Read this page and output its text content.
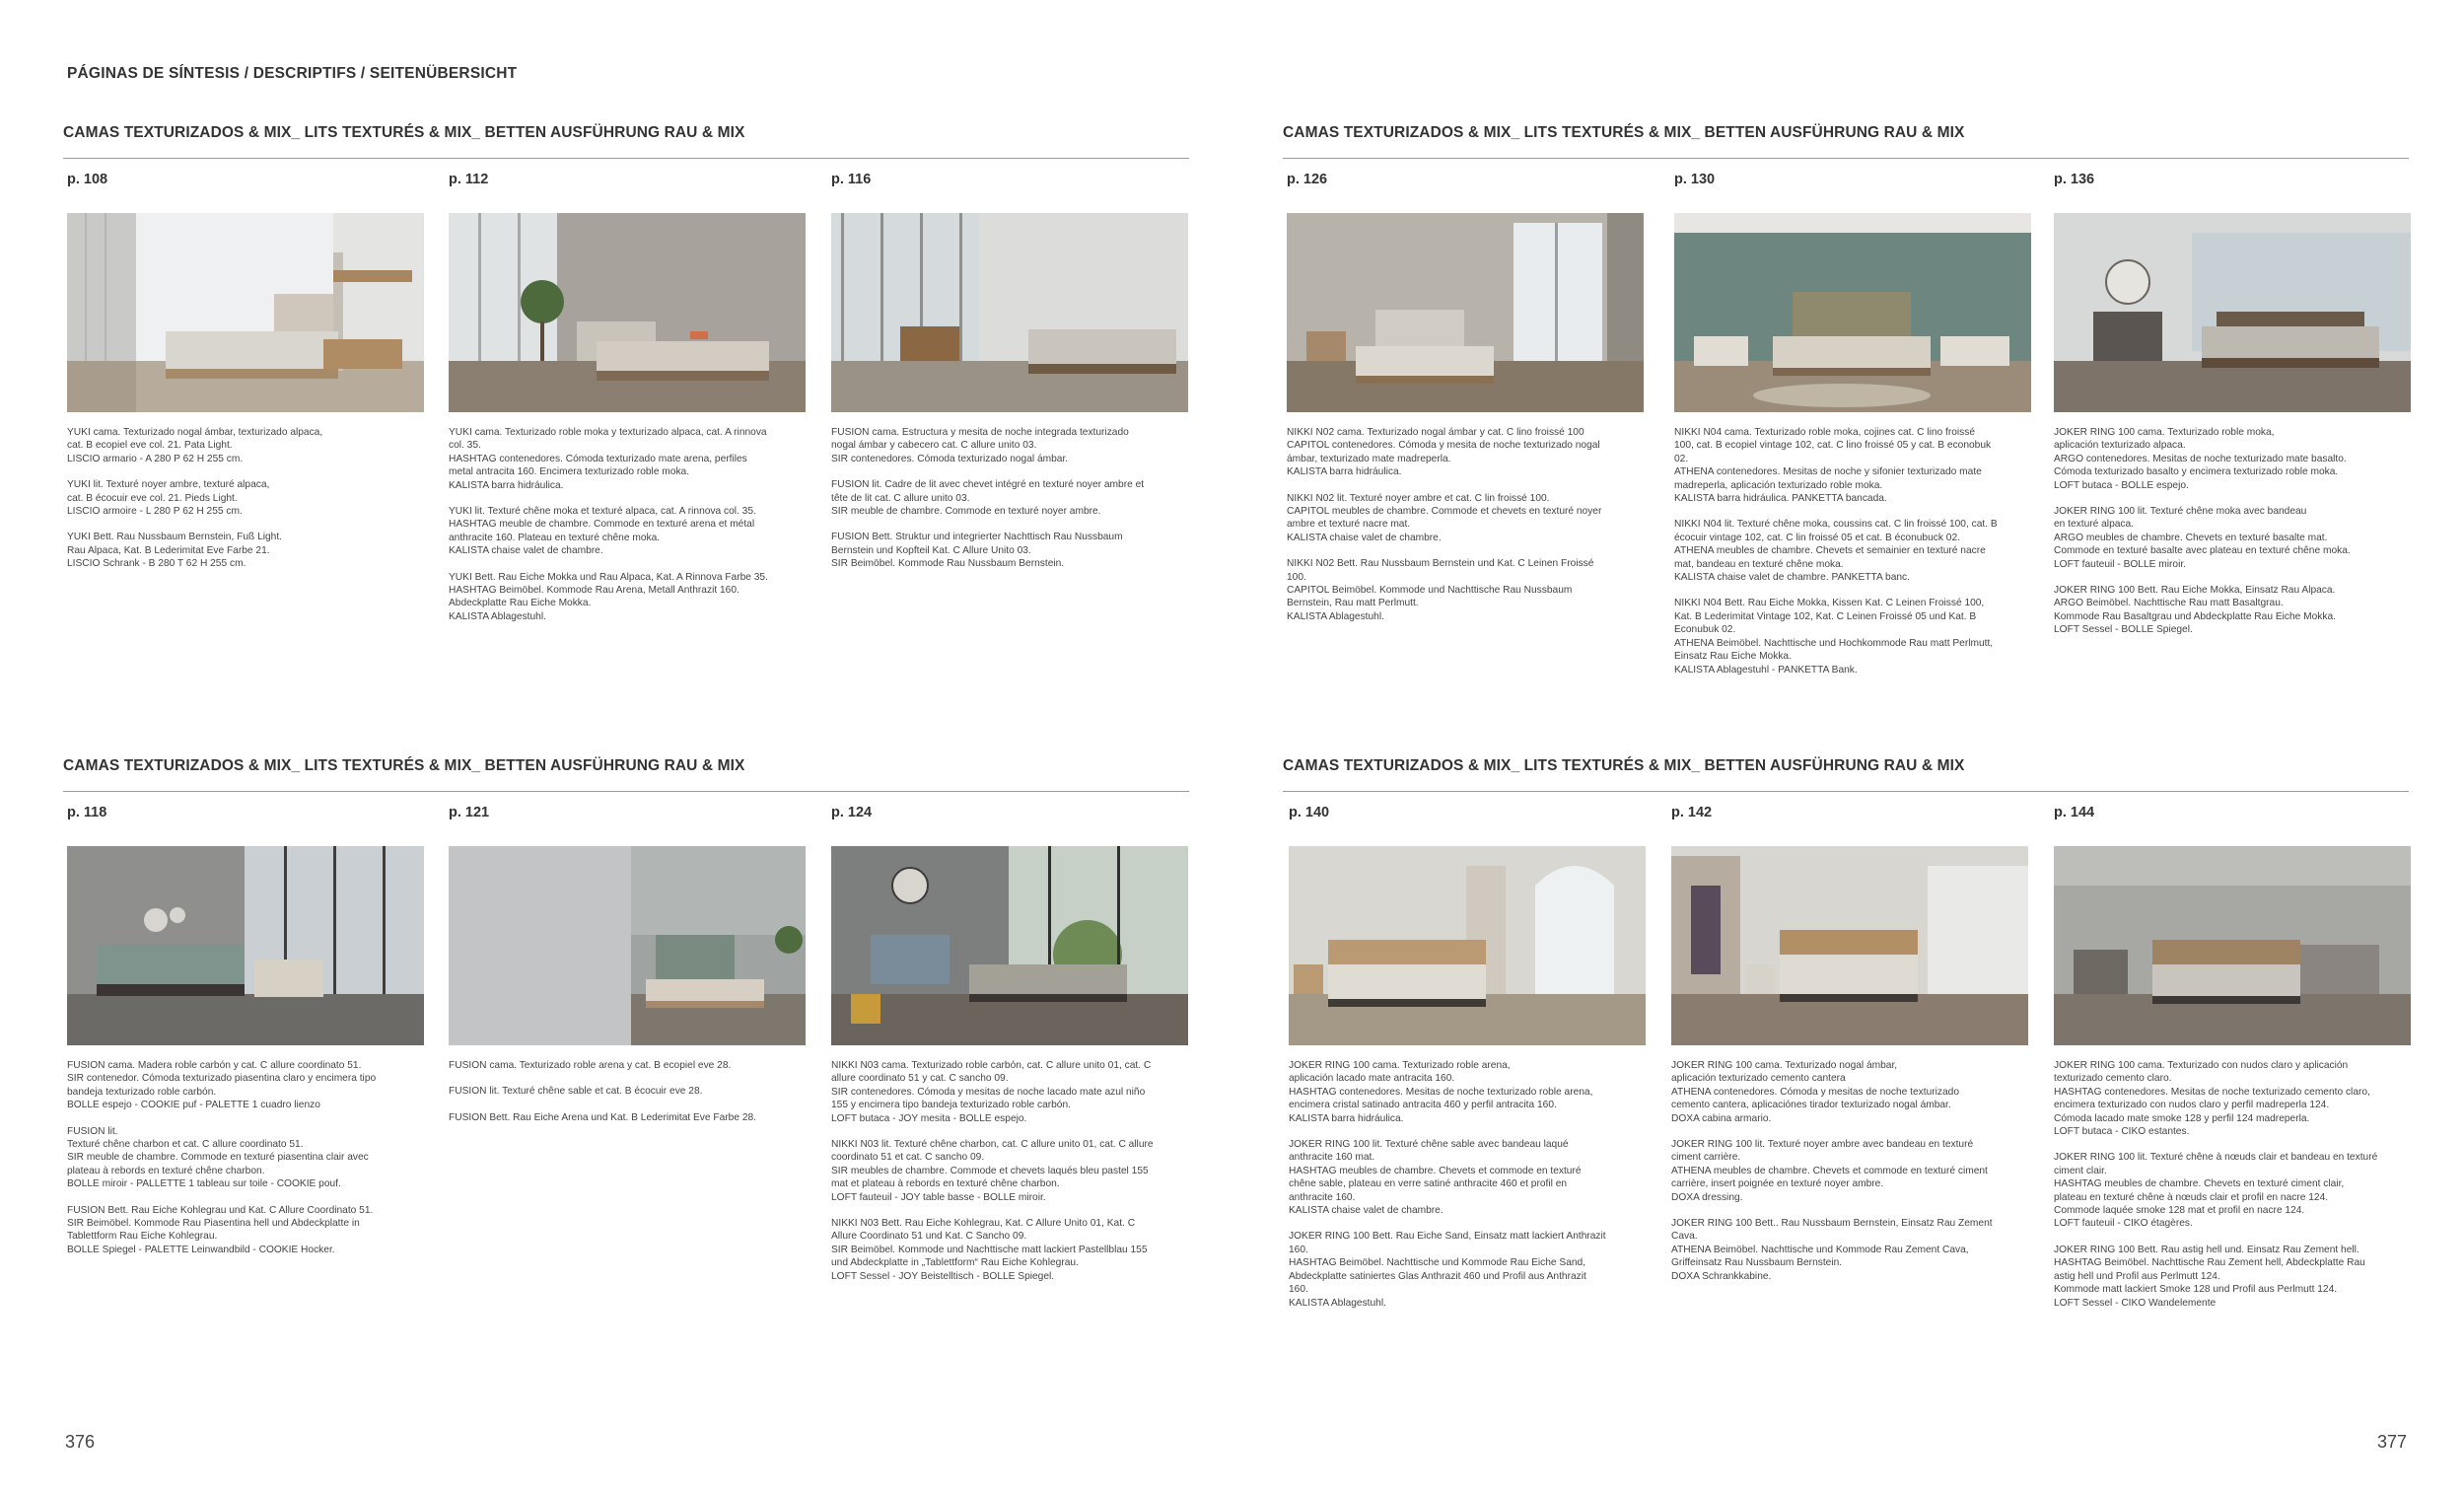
PÁGINAS DE SÍNTESIS / DESCRIPTIFS / SEITENÜBERSICHT
CAMAS TEXTURIZADOS & MIX_ LITS TEXTURÉS & MIX_ BETTEN AUSFÜHRUNG RAU & MIX
p. 108

YUKI cama. Texturizado nogal ámbar, texturizado alpaca,
cat. B ecopiel eve col. 21. Pata Light.
LISCIO armario - A 280 P 62 H 255 cm.

YUKI lit. Texturé noyer ambre, texturé alpaca,
cat. B écocuir eve col. 21. Pieds Light.
LISCIO armoire - L 280 P 62 H 255 cm.

YUKI Bett. Rau Nussbaum Bernstein, Fuß Light.
Rau Alpaca, Kat. B Lederimitat Eve Farbe 21.
LISCIO Schrank - B 280 T 62 H 255 cm.

p. 112

YUKI cama. Texturizado roble moka y texturizado alpaca, cat. A rinnova
col. 35.
HASHTAG contenedores. Cómoda texturizado mate arena, perfiles
metal antracita 160. Encimera texturizado roble moka.
KALISTA barra hidráulica.

YUKI lit. Texturé chêne moka et texturé alpaca, cat. A rinnova col. 35.
HASHTAG meuble de chambre. Commode en texturé arena et métal
anthracite 160. Plateau en texturé chêne moka.
KALISTA chaise valet de chambre.

YUKI Bett. Rau Eiche Mokka und Rau Alpaca, Kat. A Rinnova Farbe 35.
HASHTAG Beimöbel. Kommode Rau Arena, Metall Anthrazit 160.
Abdeckplatte Rau Eiche Mokka.
KALISTA Ablagestuhl.

p. 116

FUSION cama. Estructura y mesita de noche integrada texturizado
nogal ámbar y cabecero cat. C allure unito 03.
SIR contenedores. Cómoda texturizado nogal ámbar.

FUSION lit. Cadre de lit avec chevet intégré en texturé noyer ambre et
tête de lit cat. C allure unito 03.
SIR meuble de chambre. Commode en texturé noyer ambre.

FUSION Bett. Struktur und integrierter Nachttisch Rau Nussbaum
Bernstein und Kopfteil Kat. C Allure Unito 03.
SIR Beimöbel. Kommode Rau Nussbaum Bernstein.

CAMAS TEXTURIZADOS & MIX_ LITS TEXTURÉS & MIX_ BETTEN AUSFÜHRUNG RAU & MIX
p. 126

NIKKI N02 cama. Texturizado nogal ámbar y cat. C lino froissé 100
CAPITOL contenedores. Cómoda y mesita de noche texturizado nogal
ámbar, texturizado mate madreperla.
KALISTA barra hidráulica.

NIKKI N02 lit. Texturé noyer ambre et cat. C lin froissé 100.
CAPITOL meubles de chambre. Commode et chevets en texturé noyer
ambre et texturé nacre mat.
KALISTA chaise valet de chambre.

NIKKI N02 Bett. Rau Nussbaum Bernstein und Kat. C Leinen Froissé
100.
CAPITOL Beimöbel. Kommode und Nachttische Rau Nussbaum
Bernstein, Rau matt Perlmutt.
KALISTA Ablagestuhl.

p. 130

NIKKI N04 cama. Texturizado roble moka, cojines cat. C lino froissé
100, cat. B ecopiel vintage 102, cat. C lino froissé 05 y cat. B econobuk
02.
ATHENA contenedores. Mesitas de noche y sifonier texturizado mate
madreperla, aplicación texturizado roble moka.
KALISTA barra hidráulica. PANKETTA bancada.

NIKKI N04 lit. Texturé chêne moka, coussins cat. C lin froissé 100, cat. B
écocuir vintage 102, cat. C lin froissé 05 et cat. B éconubuck 02.
ATHENA meubles de chambre. Chevets et semainier en texturé nacre
mat, bandeau en texturé chêne moka.
KALISTA chaise valet de chambre. PANKETTA banc.

NIKKI N04 Bett. Rau Eiche Mokka, Kissen Kat. C Leinen Froissé 100,
Kat. B Lederimitat Vintage 102, Kat. C Leinen Froissé 05 und Kat. B
Econubuk 02.
ATHENA Beimöbel. Nachttische und Hochkommode Rau matt Perlmutt,
Einsatz Rau Eiche Mokka.
KALISTA Ablagestuhl - PANKETTA Bank.

p. 136

JOKER RING 100 cama. Texturizado roble moka,
aplicación texturizado alpaca.
ARGO contenedores. Mesitas de noche texturizado mate basalto.
Cómoda texturizado basalto y encimera texturizado roble moka.
LOFT butaca - BOLLE espejo.

JOKER RING 100 lit. Texturé chêne moka avec bandeau
en texturé alpaca.
ARGO meubles de chambre. Chevets en texturé basalte mat.
Commode en texturé basalte avec plateau en texturé chêne moka.
LOFT fauteuil - BOLLE miroir.

JOKER RING 100 Bett. Rau Eiche Mokka, Einsatz Rau Alpaca.
ARGO Beimöbel. Nachttische Rau matt Basaltgrau.
Kommode Rau Basaltgrau und Abdeckplatte Rau Eiche Mokka.
LOFT Sessel - BOLLE Spiegel.

CAMAS TEXTURIZADOS & MIX_ LITS TEXTURÉS & MIX_ BETTEN AUSFÜHRUNG RAU & MIX
p. 118

FUSION cama. Madera roble carbón y cat. C allure coordinato 51.
SIR contenedor. Cómoda texturizado piasentina claro y encimera tipo
bandeja texturizado roble carbón.
BOLLE espejo - COOKIE puf - PALETTE 1 cuadro lienzo

FUSION lit.
Texturé chêne charbon et cat. C allure coordinato 51.
SIR meuble de chambre. Commode en texturé piasentina clair avec
plateau à rebords en texturé chêne charbon.
BOLLE miroir - PALLETTE 1 tableau sur toile - COOKIE pouf.

FUSION Bett. Rau Eiche Kohlegrau und Kat. C Allure Coordinato 51.
SIR Beimöbel. Kommode Rau Piasentina hell und Abdeckplatte in
Tablettform Rau Eiche Kohlegrau.
BOLLE Spiegel - PALETTE Leinwandbild - COOKIE Hocker.

p. 121

FUSION cama. Texturizado roble arena y cat. B ecopiel eve 28.

FUSION lit. Texturé chêne sable et cat. B écocuir eve 28.

FUSION Bett. Rau Eiche Arena und Kat. B Lederimitat Eve Farbe 28.

p. 124

NIKKI N03 cama. Texturizado roble carbón, cat. C allure unito 01, cat. C
allure coordinato 51 y cat. C sancho 09.
SIR contenedores. Cómoda y mesitas de noche lacado mate azul niño
155 y encimera tipo bandeja texturizado roble carbón.
LOFT butaca - JOY mesita - BOLLE espejo.

NIKKI N03 lit. Texturé chêne charbon, cat. C allure unito 01, cat. C allure
coordinato 51 et cat. C sancho 09.
SIR meubles de chambre. Commode et chevets laqués bleu pastel 155
mat et plateau à rebords en texturé chêne charbon.
LOFT fauteuil - JOY table basse - BOLLE miroir.

NIKKI N03 Bett. Rau Eiche Kohlegrau, Kat. C Allure Unito 01, Kat. C
Allure Coordinato 51 und Kat. C Sancho 09.
SIR Beimöbel. Kommode und Nachttische matt lackiert Pastellblau 155
und Abdeckplatte in „Tablettform“ Rau Eiche Kohlegrau.
LOFT Sessel - JOY Beistelltisch - BOLLE Spiegel.

CAMAS TEXTURIZADOS & MIX_ LITS TEXTURÉS & MIX_ BETTEN AUSFÜHRUNG RAU & MIX
p. 140

JOKER RING 100 cama. Texturizado roble arena,
aplicación lacado mate antracita 160.
HASHTAG contenedores. Mesitas de noche texturizado roble arena,
encimera cristal satinado antracita 460 y perfil antracita 160.
KALISTA barra hidráulica.

JOKER RING 100 lit. Texturé chêne sable avec bandeau laqué
anthracite 160 mat.
HASHTAG meubles de chambre. Chevets et commode en texturé
chêne sable, plateau en verre satiné anthracite 460 et profil en
anthracite 160.
KALISTA chaise valet de chambre.

JOKER RING 100 Bett. Rau Eiche Sand, Einsatz matt lackiert Anthrazit
160.
HASHTAG Beimöbel. Nachttische und Kommode Rau Eiche Sand,
Abdeckplatte satiniertes Glas Anthrazit 460 und Profil aus Anthrazit
160.
KALISTA Ablagestuhl.

p. 142

JOKER RING 100 cama. Texturizado nogal ámbar,
aplicación texturizado cemento cantera
ATHENA contenedores. Cómoda y mesitas de noche texturizado
cemento cantera, aplicaciónes tirador texturizado nogal ámbar.
DOXA cabina armario.

JOKER RING 100 lit. Texturé noyer ambre avec bandeau en texturé
ciment carrière.
ATHENA meubles de chambre. Chevets et commode en texturé ciment
carrière, insert poignée en texturé noyer ambre.
DOXA dressing.

JOKER RING 100 Bett.. Rau Nussbaum Bernstein, Einsatz Rau Zement
Cava.
ATHENA Beimöbel. Nachttische und Kommode Rau Zement Cava,
Griffeinsatz Rau Nussbaum Bernstein.
DOXA Schrankkabine.

p. 144

JOKER RING 100 cama. Texturizado con nudos claro y aplicación
texturizado cemento claro.
HASHTAG contenedores. Mesitas de noche texturizado cemento claro,
encimera texturizado con nudos claro y perfil madreperla 124.
Cómoda lacado mate smoke 128 y perfil 124 madreperla.
LOFT butaca - CIKO estantes.

JOKER RING 100 lit. Texturé chêne à nœuds clair et bandeau en texturé
ciment clair.
HASHTAG meubles de chambre. Chevets en texturé ciment clair,
plateau en texturé chêne à nœuds clair et profil en nacre 124.
Commode laquée smoke 128 mat et profil en nacre 124.
LOFT fauteuil - CIKO étagères.

JOKER RING 100 Bett. Rau astig hell und. Einsatz Rau Zement hell.
HASHTAG Beimöbel. Nachttische Rau Zement hell, Abdeckplatte Rau
astig hell und Profil aus Perlmutt 124.
Kommode matt lackiert Smoke 128 und Profil aus Perlmutt 124.
LOFT Sessel - CIKO Wandelemente

376	377
